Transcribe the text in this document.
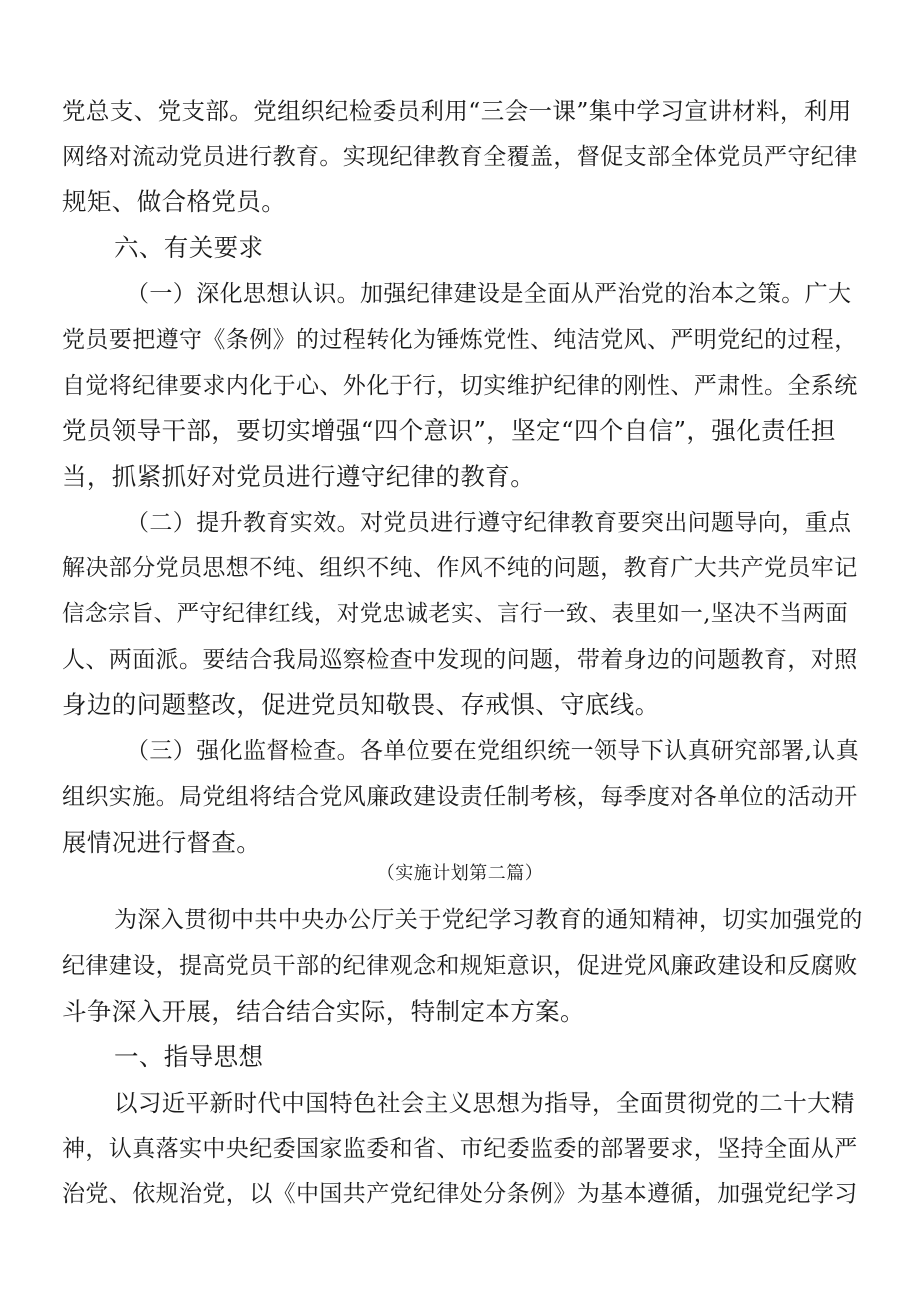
党总支、党支部。党组织纪检委员利用“三会一课”集中学习宣讲材料，利用
网络对流动党员进行教育。实现纪律教育全覆盖，督促支部全体党员严守纪律
规矩、做合格党员。
六、有关要求
（一）深化思想认识。加强纪律建设是全面从严治党的治本之策。广大
党员要把遵守《条例》的过程转化为锤炼党性、纯洁党风、严明党纪的过程，
自觉将纪律要求内化于心、外化于行，切实维护纪律的刚性、严肃性。全系统
党员领导干部，要切实增强“四个意识”，坚定“四个自信”，强化责任担
当，抓紧抓好对党员进行遵守纪律的教育。
（二）提升教育实效。对党员进行遵守纪律教育要突出问题导向，重点
解决部分党员思想不纯、组织不纯、作风不纯的问题，教育广大共产党员牢记
信念宗旨、严守纪律红线，对党忠诚老实、言行一致、表里如一,坚决不当两面
人、两面派。要结合我局巡察检查中发现的问题，带着身边的问题教育，对照
身边的问题整改，促进党员知敬畏、存戒惧、守底线。
（三）强化监督检查。各单位要在党组织统一领导下认真研究部署,认真
组织实施。局党组将结合党风廉政建设责任制考核，每季度对各单位的活动开
展情况进行督查。
（实施计划第二篇）
为深入贯彻中共中央办公厅关于党纪学习教育的通知精神，切实加强党的
纪律建设，提高党员干部的纪律观念和规矩意识，促进党风廉政建设和反腐败
斗争深入开展，结合结合实际，特制定本方案。
一、指导思想
以习近平新时代中国特色社会主义思想为指导，全面贯彻党的二十大精
神，认真落实中央纪委国家监委和省、市纪委监委的部署要求，坚持全面从严
治党、依规治党，以《中国共产党纪律处分条例》为基本遵循，加强党纪学习
